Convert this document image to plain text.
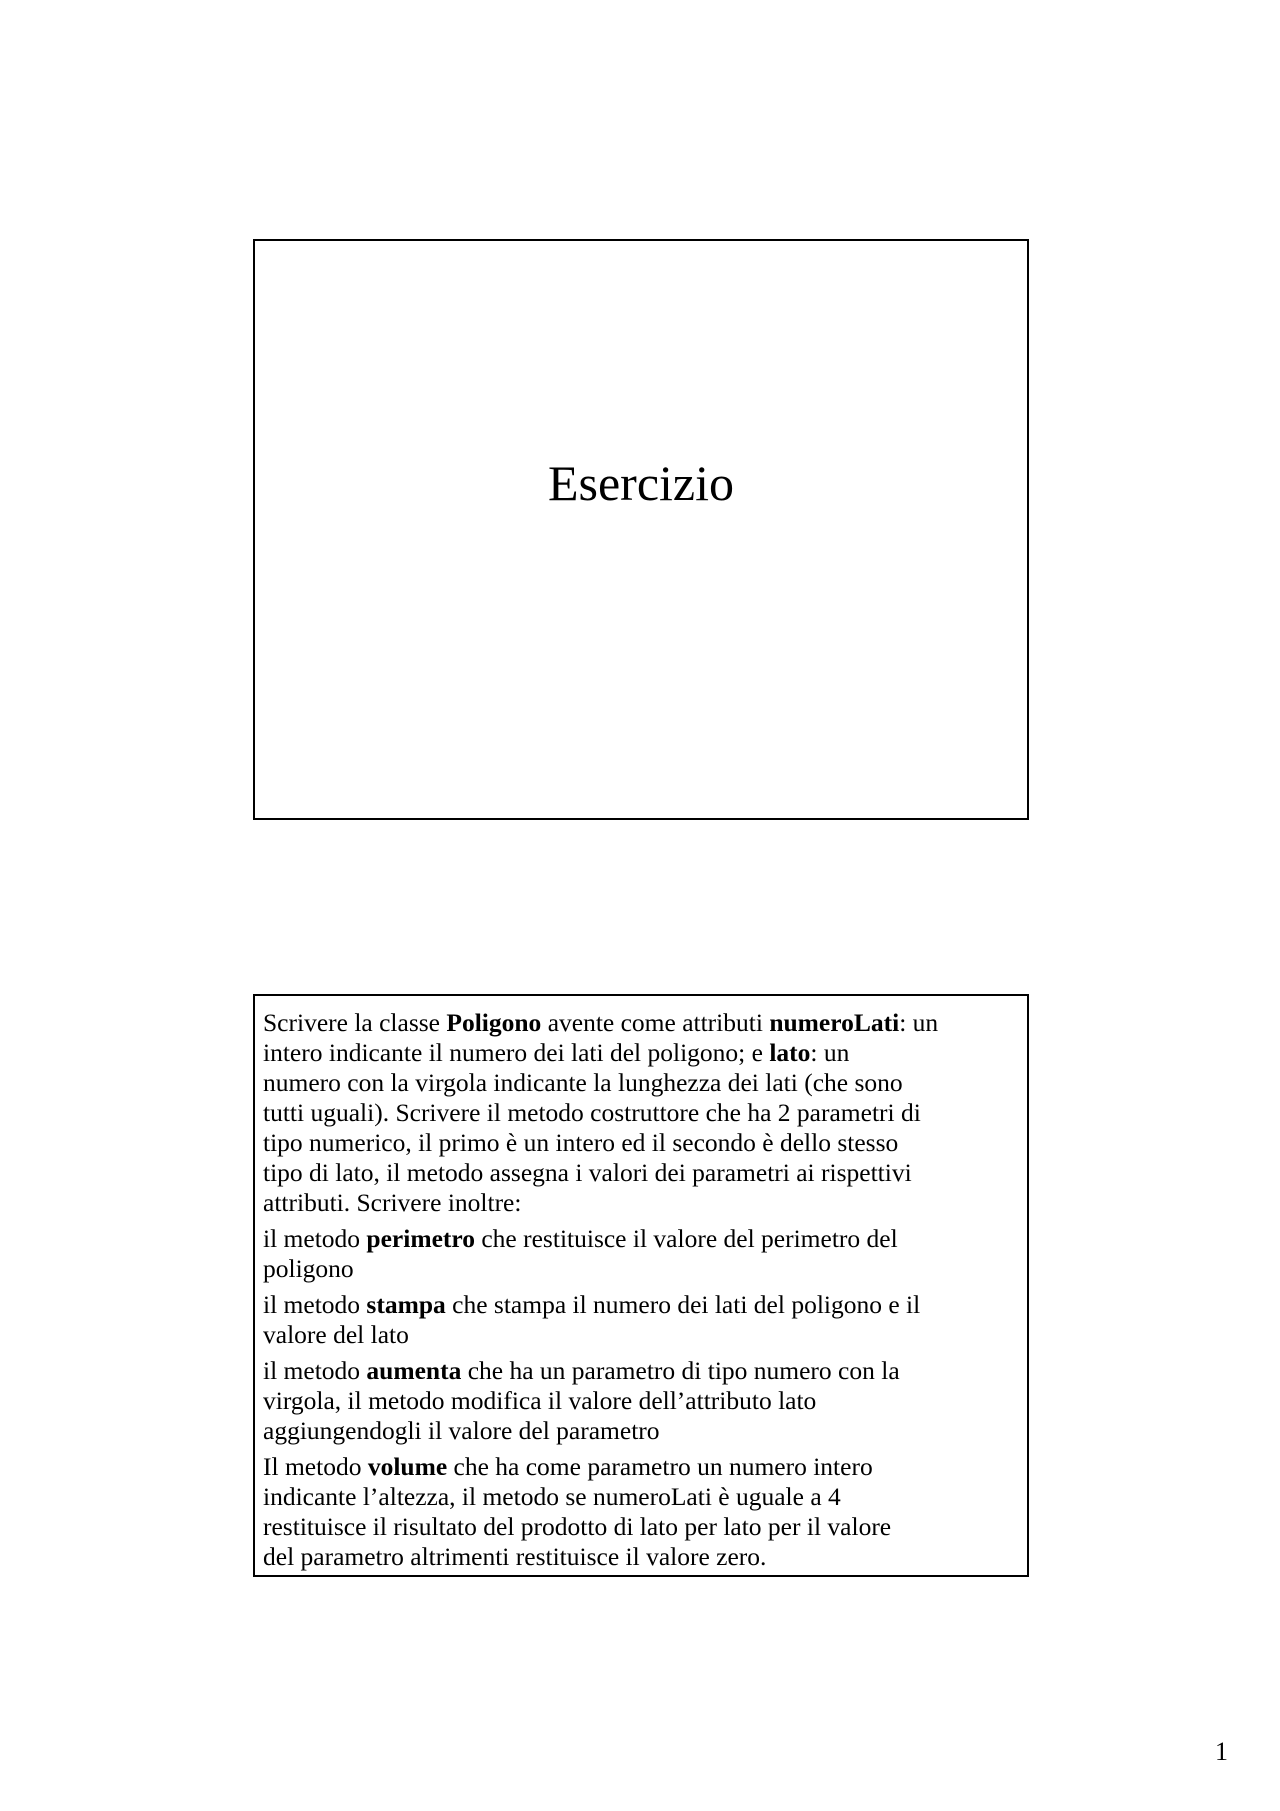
Esercizio

Scrivere la classe Poligono avente come attributi numeroLati: un
intero indicante il numero dei lati del poligono; e lato: un
numero con la virgola indicante la lunghezza dei lati (che sono
tutti uguali). Scrivere il metodo costruttore che ha 2 parametri di
tipo numerico, il primo è un intero ed il secondo è dello stesso
tipo di lato, il metodo assegna i valori dei parametri ai rispettivi
attributi. Scrivere inoltre:

il metodo perimetro che restituisce il valore del perimetro del
poligono

il metodo stampa che stampa il numero dei lati del poligono e il
valore del lato

il metodo aumenta che ha un parametro di tipo numero con la
virgola, il metodo modifica il valore dell’attributo lato
aggiungendogli il valore del parametro

Il metodo volume che ha come parametro un numero intero
indicante l’altezza, il metodo se numeroLati è uguale a 4
restituisce il risultato del prodotto di lato per lato per il valore
del parametro altrimenti restituisce il valore zero.

1
